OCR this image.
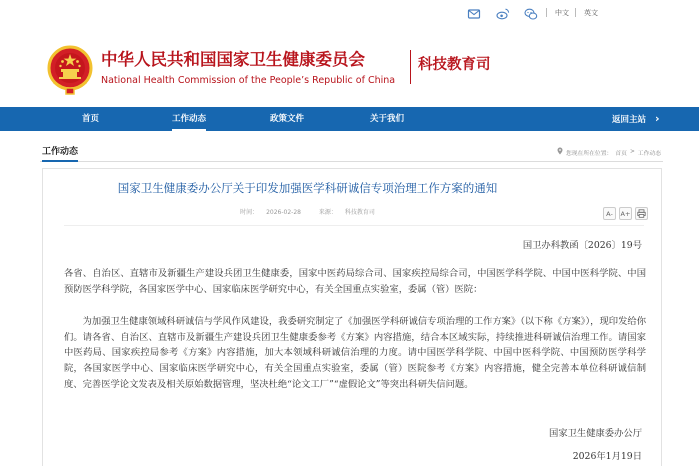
中文 英文
中华人民共和国国家卫生健康委员会
National Health Commission of the People’s Republic of China
科技教育司
首页	工作动态	政策文件	关于我们	返回主站 ›
工作动态	您现在所在位置： 首页 > 工作动态
国家卫生健康委办公厅关于印发加强医学科研诚信专项治理工作方案的通知
时间： 2026-02-28	来源： 科技教育司	A-	A+
国卫办科教函〔2026〕19号
各省、自治区、直辖市及新疆生产建设兵团卫生健康委，国家中医药局综合司、国家疾控局综合司，中国医学科学院、中国中医科学院、中国预防医学科学院，各国家医学中心、国家临床医学研究中心，有关全国重点实验室，委属（管）医院：
为加强卫生健康领域科研诚信与学风作风建设，我委研究制定了《加强医学科研诚信专项治理的工作方案》（以下称《方案》），现印发给你们。请各省、自治区、直辖市及新疆生产建设兵团卫生健康委参考《方案》内容措施，结合本区域实际，持续推进科研诚信治理工作。请国家中医药局、国家疾控局参考《方案》内容措施，加大本领域科研诚信治理的力度。请中国医学科学院、中国中医科学院、中国预防医学科学院，各国家医学中心、国家临床医学研究中心，有关全国重点实验室，委属（管）医院参考《方案》内容措施，健全完善本单位科研诚信制度、完善医学论文发表及相关原始数据管理，坚决杜绝“论文工厂”“虚假论文”等突出科研失信问题。
国家卫生健康委办公厅
2026年1月19日
